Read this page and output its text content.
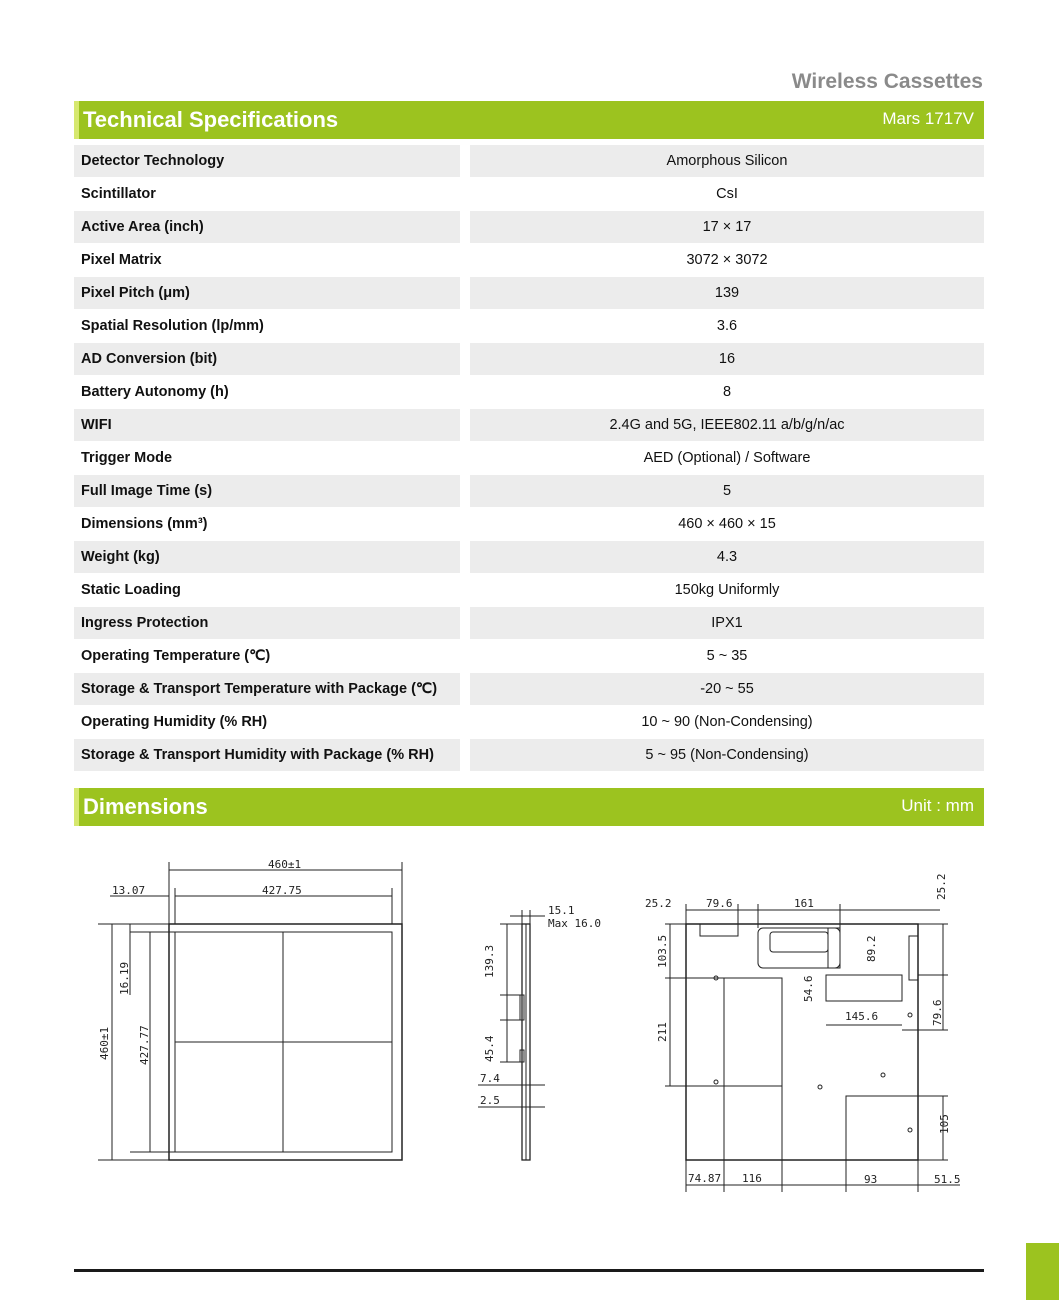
Wireless Cassettes
Technical Specifications	Mars 1717V
Detector Technology	Amorphous Silicon
Scintillator	CsI
Active Area (inch)	17 × 17
Pixel Matrix	3072 × 3072
Pixel Pitch (μm)	139
Spatial Resolution (lp/mm)	3.6
AD Conversion (bit)	16
Battery Autonomy (h)	8
WIFI	2.4G and 5G, IEEE802.11 a/b/g/n/ac
Trigger Mode	AED (Optional) / Software
Full Image Time (s)	5
Dimensions (mm³)	460 × 460 × 15
Weight (kg)	4.3
Static Loading	150kg Uniformly
Ingress Protection	IPX1
Operating Temperature (℃)	5 ~ 35
Storage & Transport Temperature with Package (℃)	-20 ~ 55
Operating Humidity (% RH)	10 ~ 90 (Non-Condensing)
Storage & Transport Humidity with Package (% RH)	5 ~ 95 (Non-Condensing)
Dimensions	Unit : mm
460±1
427.75
13.07
460±1 427.77
16.19
15.1
Max 16.0
139.3
45.4
7.4
2.5
25.2	79.6	161
25.2
103.5	89.2
54.6
145.6	79.6
211
105
74.87 116	93	51.5
